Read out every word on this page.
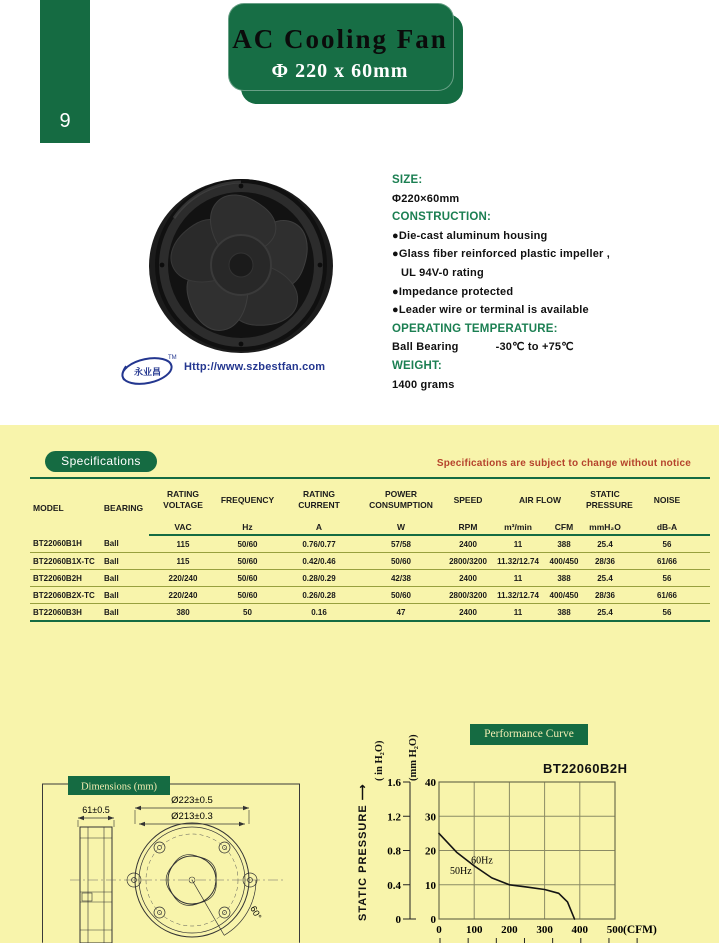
9
AC Cooling Fan
Φ 220 x 60mm
永业昌
TM
Http://www.szbestfan.com
SIZE:
Φ220×60mm
CONSTRUCTION:
●Die-cast aluminum housing
●Glass fiber reinforced plastic impeller ,
UL 94V-0 rating
●Impedance protected
●Leader wire or terminal is available
OPERATING TEMPERATURE:
Ball Bearing	-30℃ to +75℃
WEIGHT:
1400 grams
Specifications	Specifications are subject to change without notice
MODEL	BEARING	
RATING
VOLTAGE	FREQUENCY	
RATING
CURRENT

POWER
CONSUMPTION	SPEED	AIR FLOW	
STATIC
PRESSURE	NOISE
		VAC	Hz	A	W	RPM	m³/min	CFM	mmH₂O	dB-A
BT22060B1H	Ball	115	50/60	0.76/0.77	57/58	2400	11	388	25.4	56
BT22060B1X-TC	Ball	115	50/60	0.42/0.46	50/60	2800/3200	11.32/12.74	400/450	28/36	61/66
BT22060B2H	Ball	220/240	50/60	0.28/0.29	42/38	2400	11	388	25.4	56
BT22060B2X-TC	Ball	220/240	50/60	0.26/0.28	50/60	2800/3200	11.32/12.74	400/450	28/36	61/66
BT22060B3H	Ball	380	50	0.16	47	2400	11	388	25.4	56
Dimensions (mm)
61±0.5
Ø223±0.5
Ø213±0.3
60°	0
10
20
30
40
0
0.4
0.8
1.2
1.6
0 100 200 300 400 500 (CFM)
50Hz
60Hz
Performance Curve
BT22060B2H
( in H₂O) (mm H₂O)
STATIC PRESSURE ⟶
